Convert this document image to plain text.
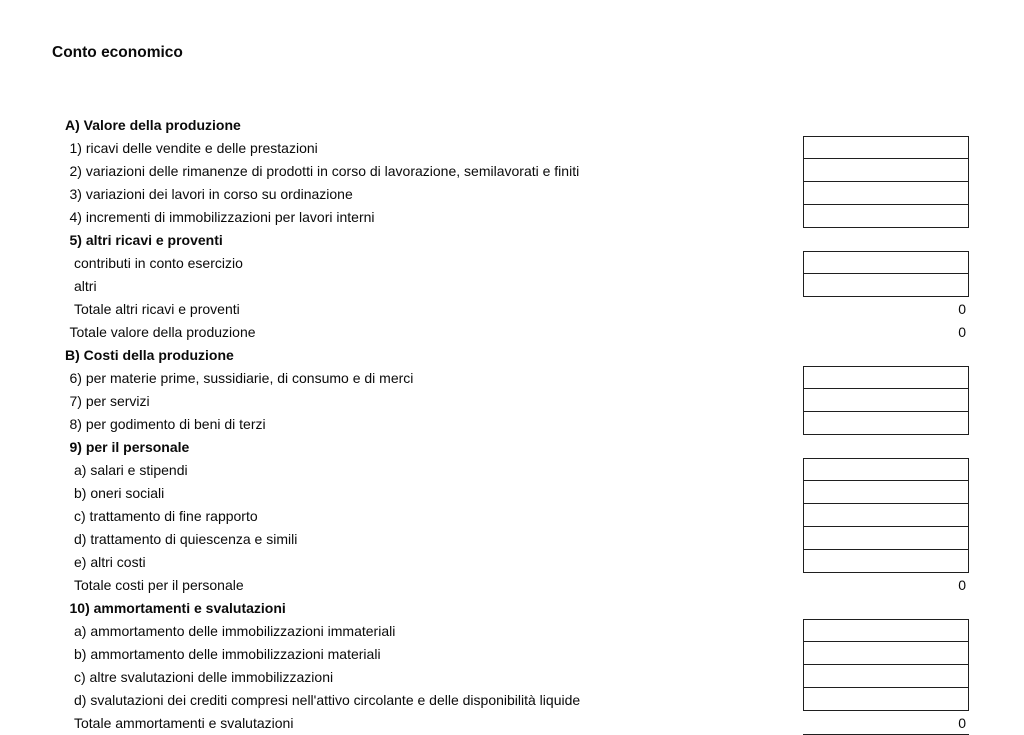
Conto economico
A) Valore della produzione
1) ricavi delle vendite e delle prestazioni
2) variazioni delle rimanenze di prodotti in corso di lavorazione, semilavorati e finiti
3) variazioni dei lavori in corso su ordinazione
4) incrementi di immobilizzazioni per lavori interni
5) altri ricavi e proventi
contributi in conto esercizio
altri
Totale altri ricavi e proventi	0
Totale valore della produzione	0
B) Costi della produzione
6) per materie prime, sussidiarie, di consumo e di merci
7) per servizi
8) per godimento di beni di terzi
9) per il personale
a) salari e stipendi
b) oneri sociali
c) trattamento di fine rapporto
d) trattamento di quiescenza e simili
e) altri costi
Totale costi per il personale	0
10) ammortamenti e svalutazioni
a) ammortamento delle immobilizzazioni immateriali
b) ammortamento delle immobilizzazioni materiali
c) altre svalutazioni delle immobilizzazioni
d) svalutazioni dei crediti compresi nell'attivo circolante e delle disponibilità liquide
Totale ammortamenti e svalutazioni	0
